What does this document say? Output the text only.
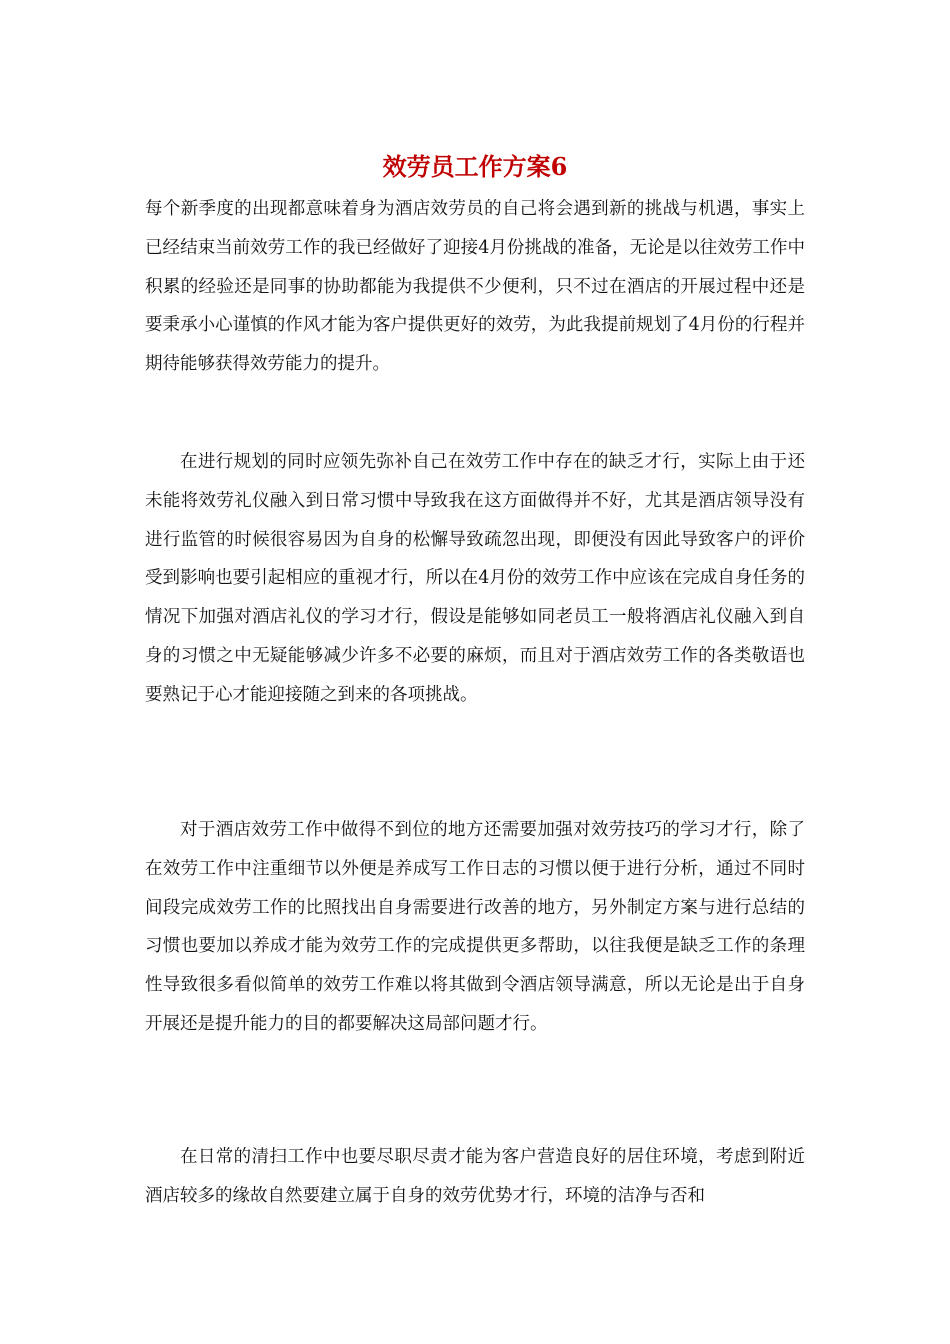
效劳员工作方案6

每个新季度的出现都意味着身为酒店效劳员的自己将会遇到新的挑战与机遇，事实上已经结束当前效劳工作的我已经做好了迎接4月份挑战的准备，无论是以往效劳工作中积累的经验还是同事的协助都能为我提供不少便利，只不过在酒店的开展过程中还是要秉承小心谨慎的作风才能为客户提供更好的效劳，为此我提前规划了4月份的行程并期待能够获得效劳能力的提升。

在进行规划的同时应领先弥补自己在效劳工作中存在的缺乏才行，实际上由于还未能将效劳礼仪融入到日常习惯中导致我在这方面做得并不好，尤其是酒店领导没有进行监管的时候很容易因为自身的松懈导致疏忽出现，即便没有因此导致客户的评价受到影响也要引起相应的重视才行，所以在4月份的效劳工作中应该在完成自身任务的情况下加强对酒店礼仪的学习才行，假设是能够如同老员工一般将酒店礼仪融入到自身的习惯之中无疑能够减少许多不必要的麻烦，而且对于酒店效劳工作的各类敬语也要熟记于心才能迎接随之到来的各项挑战。

对于酒店效劳工作中做得不到位的地方还需要加强对效劳技巧的学习才行，除了在效劳工作中注重细节以外便是养成写工作日志的习惯以便于进行分析，通过不同时间段完成效劳工作的比照找出自身需要进行改善的地方，另外制定方案与进行总结的习惯也要加以养成才能为效劳工作的完成提供更多帮助，以往我便是缺乏工作的条理性导致很多看似简单的效劳工作难以将其做到令酒店领导满意，所以无论是出于自身开展还是提升能力的目的都要解决这局部问题才行。

在日常的清扫工作中也要尽职尽责才能为客户营造良好的居住环境，考虑到附近酒店较多的缘故自然要建立属于自身的效劳优势才行，环境的洁净与否和
